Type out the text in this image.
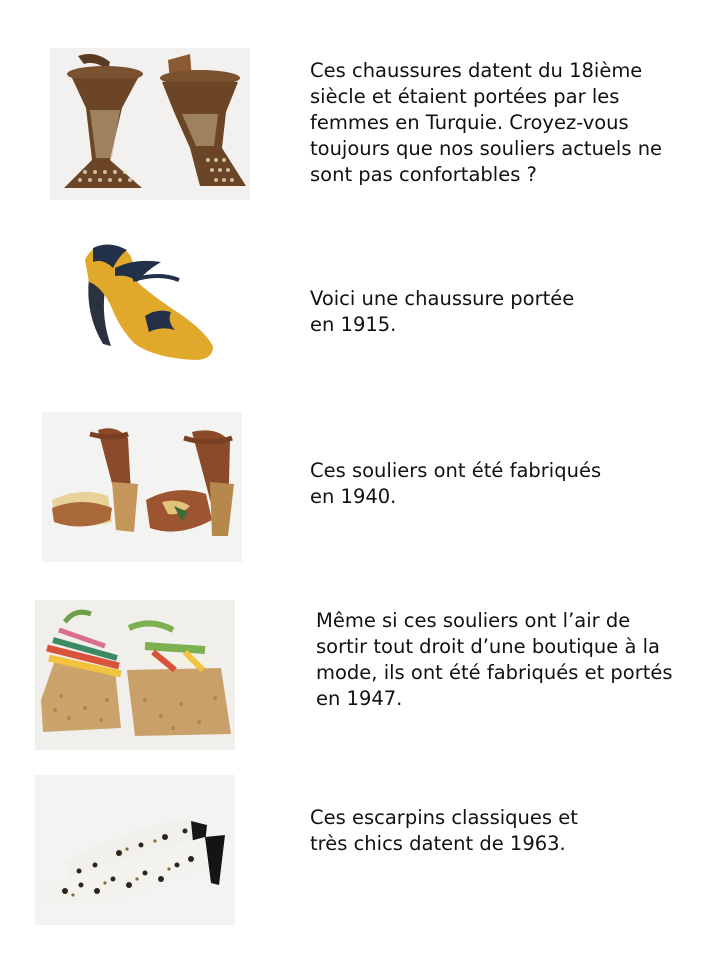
Ces chaussures datent du 18ième
siècle et étaient portées par les
femmes en Turquie. Croyez-vous
toujours que nos souliers actuels ne
sont pas confortables ?
Voici une chaussure portée
en 1915.
Ces souliers ont été fabriqués
en 1940.
Même si ces souliers ont l’air de
sortir tout droit d’une boutique à la
mode, ils ont été fabriqués et portés
en 1947.
Ces escarpins classiques et
très chics datent de 1963.
